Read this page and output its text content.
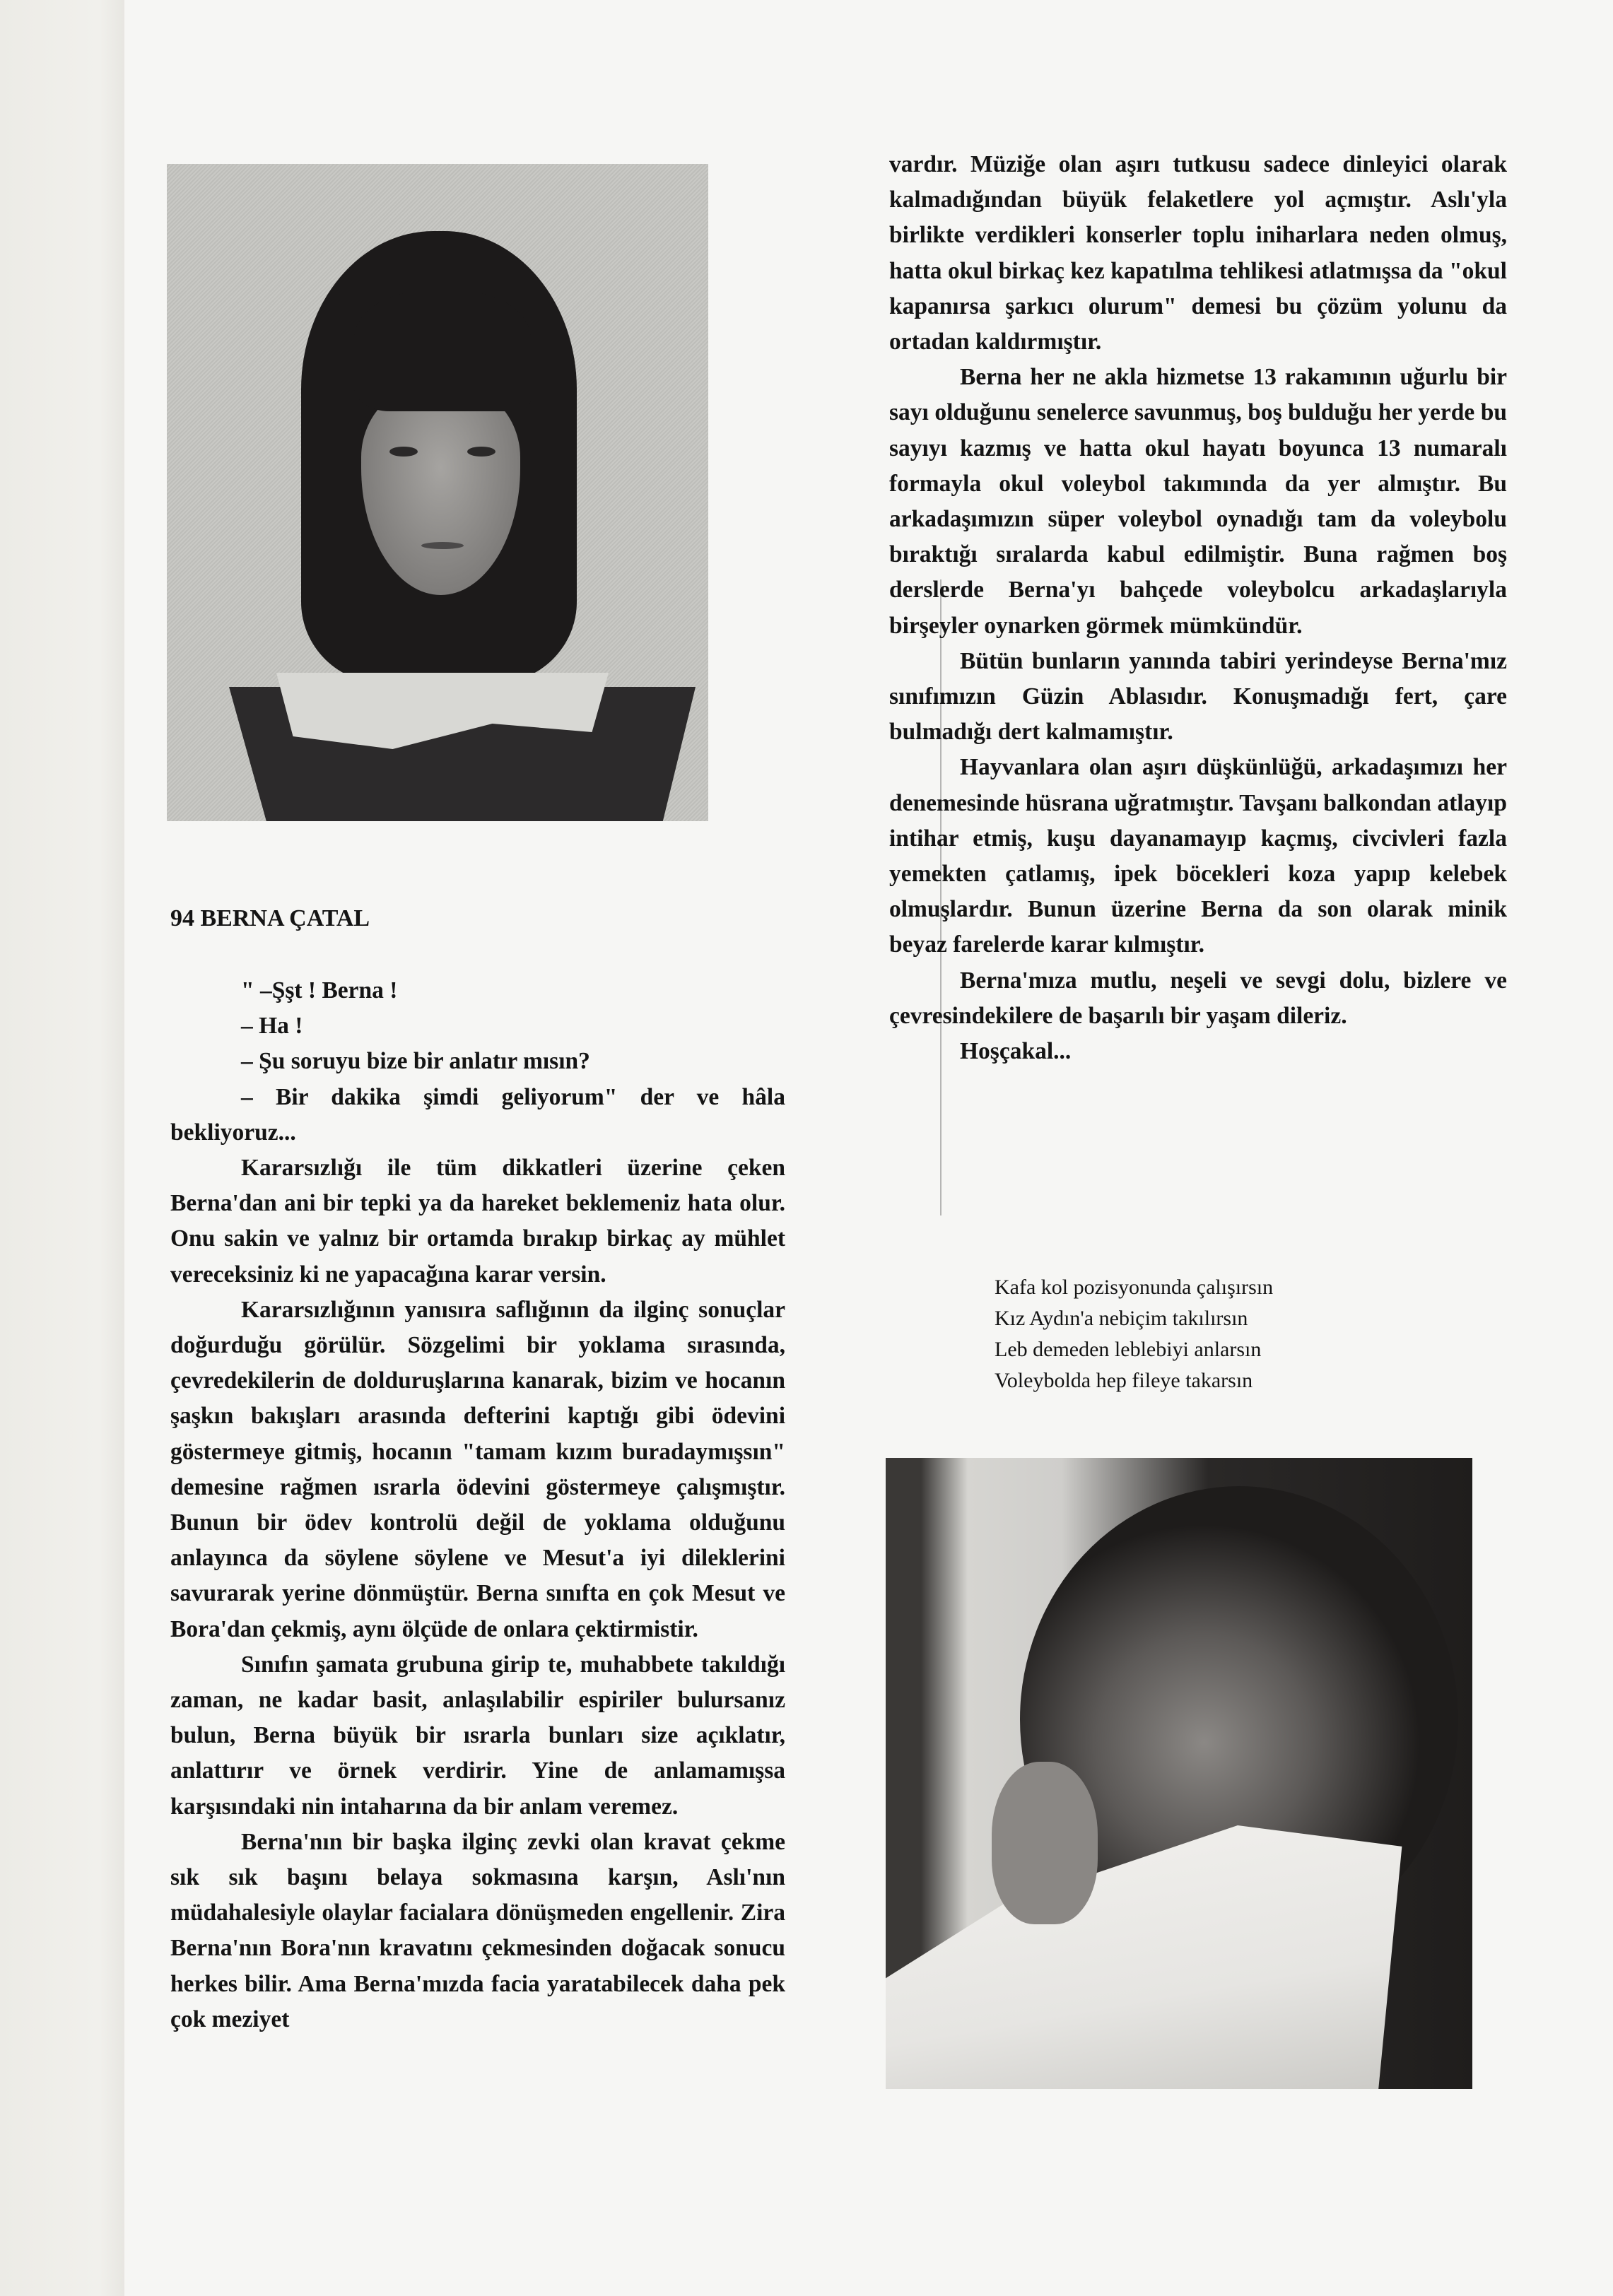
94 BERNA ÇATAL

" –Şşt ! Berna !

– Ha !

– Şu soruyu bize bir anlatır mısın?

– Bir dakika şimdi geliyorum" der ve hâla bekliyoruz...

Kararsızlığı ile tüm dikkatleri üzerine çeken Berna'dan ani bir tepki ya da hareket beklemeniz hata olur. Onu sakin ve yalnız bir ortamda bırakıp birkaç ay mühlet vereceksiniz ki ne yapacağına karar versin.

Kararsızlığının yanısıra saflığının da ilginç sonuçlar doğurduğu görülür. Sözgelimi bir yoklama sırasında, çevredekilerin de dolduruşlarına kanarak, bizim ve hocanın şaşkın bakışları arasında defterini kaptığı gibi ödevini göstermeye gitmiş, hocanın "tamam kızım buradaymışsın" demesine rağmen ısrarla ödevini göstermeye çalışmıştır. Bunun bir ödev kontrolü değil de yoklama olduğunu anlayınca da söylene söylene ve Mesut'a iyi dileklerini savurarak yerine dönmüştür. Berna sınıfta en çok Mesut ve Bora'dan çekmiş, aynı ölçüde de onlara çektirmistir.

Sınıfın şamata grubuna girip te, muhabbete takıldığı zaman, ne kadar basit, anlaşılabilir espiriler bulursanız bulun, Berna büyük bir ısrarla bunları size açıklatır, anlattırır ve örnek verdirir. Yine de anlamamışsa karşısındaki nin intaharına da bir anlam veremez.

Berna'nın bir başka ilginç zevki olan kravat çekme sık sık başını belaya sokmasına karşın, Aslı'nın müdahalesiyle olaylar facialara dönüşmeden engellenir. Zira Berna'nın Bora'nın kravatını çekmesinden doğacak sonucu herkes bilir. Ama Berna'mızda facia yaratabilecek daha pek çok meziyet

vardır. Müziğe olan aşırı tutkusu sadece dinleyici olarak kalmadığından büyük felaketlere yol açmıştır. Aslı'yla birlikte verdikleri konserler toplu iniharlara neden olmuş, hatta okul birkaç kez kapatılma tehlikesi atlatmışsa da "okul kapanırsa şarkıcı olurum" demesi bu çözüm yolunu da ortadan kaldırmıştır.

Berna her ne akla hizmetse 13 rakamının uğurlu bir sayı olduğunu senelerce savunmuş, boş bulduğu her yerde bu sayıyı kazmış ve hatta okul hayatı boyunca 13 numaralı formayla okul voleybol takımında da yer almıştır. Bu arkadaşımızın süper voleybol oynadığı tam da voleybolu bıraktığı sıralarda kabul edilmiştir. Buna rağmen boş derslerde Berna'yı bahçede voleybolcu arkadaşlarıyla birşeyler oynarken görmek mümkündür.

Bütün bunların yanında tabiri yerindeyse Berna'mız sınıfımızın Güzin Ablasıdır. Konuşmadığı fert, çare bulmadığı dert kalmamıştır.

Hayvanlara olan aşırı düşkünlüğü, arkadaşımızı her denemesinde hüsrana uğratmıştır. Tavşanı balkondan atlayıp intihar etmiş, kuşu dayanamayıp kaçmış, civcivleri fazla yemekten çatlamış, ipek böcekleri koza yapıp kelebek olmuşlardır. Bunun üzerine Berna da son olarak minik beyaz farelerde karar kılmıştır.

Berna'mıza mutlu, neşeli ve sevgi dolu, bizlere ve çevresindekilere de başarılı bir yaşam dileriz.

Hoşçakal...

Kafa kol pozisyonunda çalışırsın
Kız Aydın'a nebiçim takılırsın
Leb demeden leblebiyi anlarsın
Voleybolda hep fileye takarsın
